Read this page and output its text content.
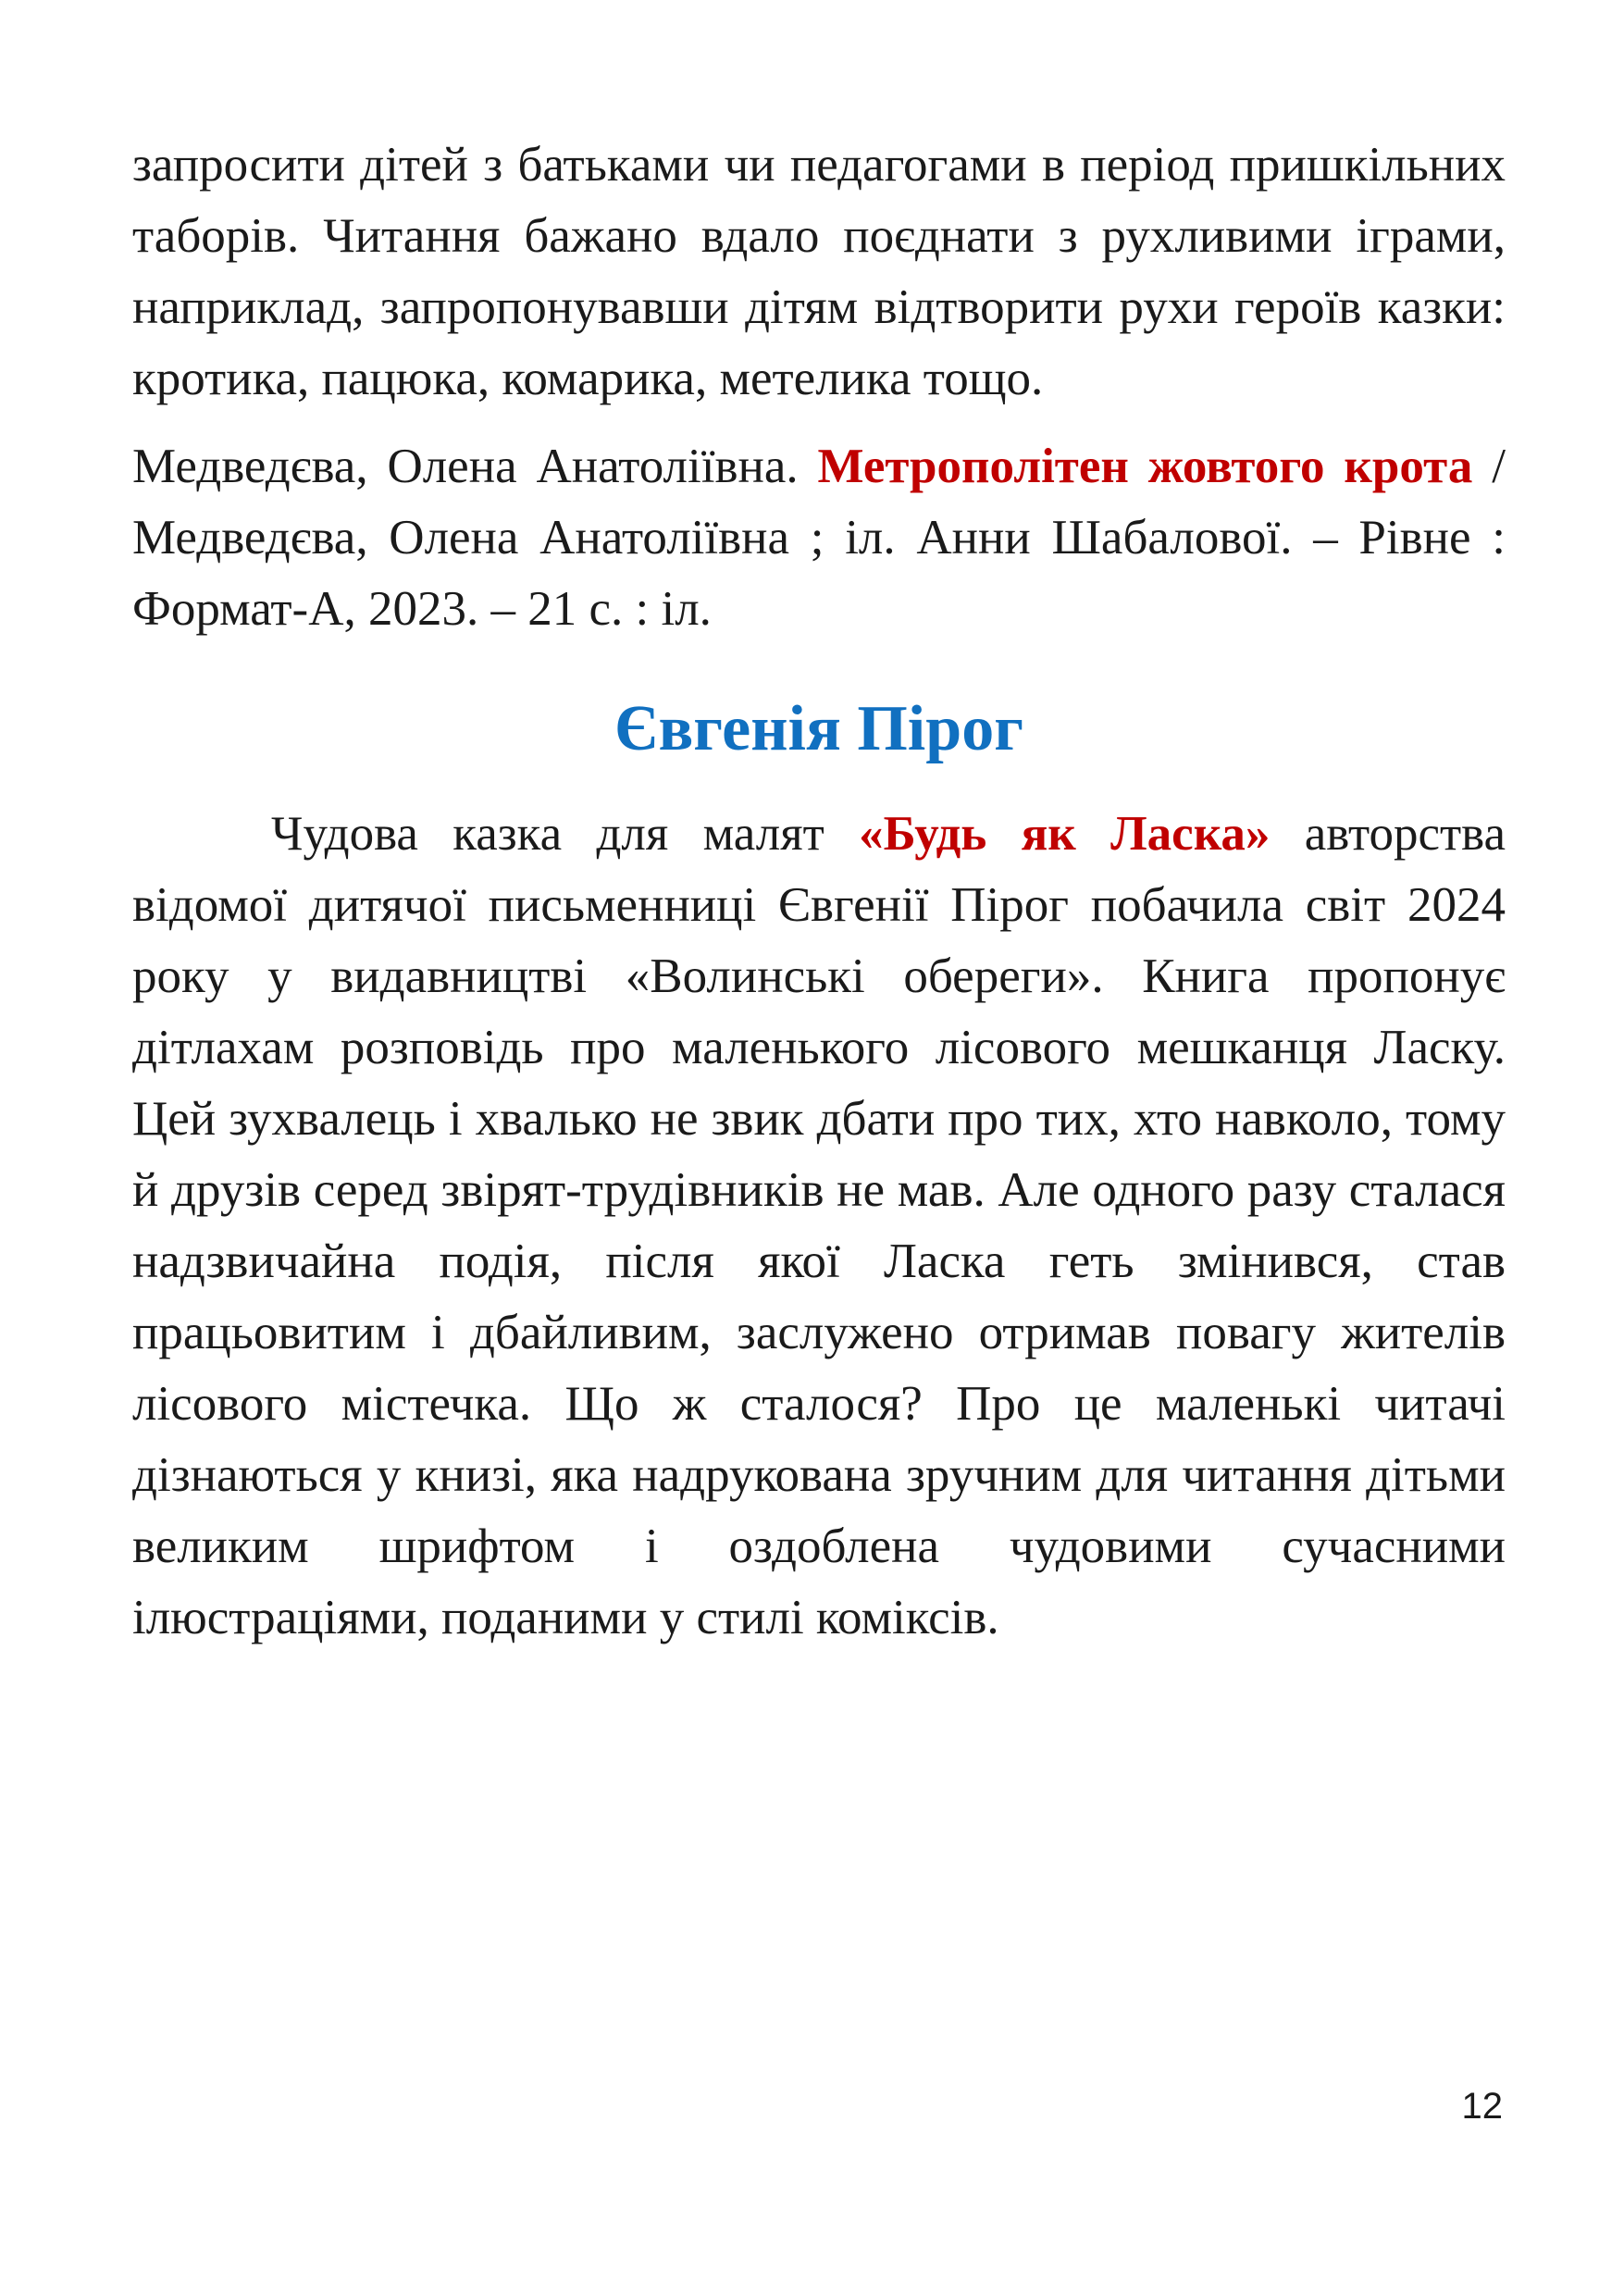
запросити дітей з батьками чи педагогами в період пришкільних таборів. Читання бажано вдало поєднати з рухливими іграми, наприклад, запропонувавши дітям відтворити рухи героїв казки: кротика, пацюка, комарика, метелика тощо.

Медведєва, Олена Анатоліївна. Метрополітен жовтого крота / Медведєва, Олена Анатоліївна ; іл. Анни Шабалової. – Рівне : Формат-А, 2023. – 21 с. : іл.

Євгенія Пірог

Чудова казка для малят «Будь як Ласка» авторства відомої дитячої письменниці Євгенії Пірог побачила світ 2024 року у видавництві «Волинські обереги». Книга пропонує дітлахам розповідь про маленького лісового мешканця Ласку. Цей зухвалець і хвалько не звик дбати про тих, хто навколо, тому й друзів серед звірят-трудівників не мав. Але одного разу сталася надзвичайна подія, після якої Ласка геть змінився, став працьовитим і дбайливим, заслужено отримав повагу жителів лісового містечка. Що ж сталося? Про це маленькі читачі дізнаються у книзі, яка надрукована зручним для читання дітьми великим шрифтом і оздоблена чудовими сучасними ілюстраціями, поданими у стилі коміксів.

12
